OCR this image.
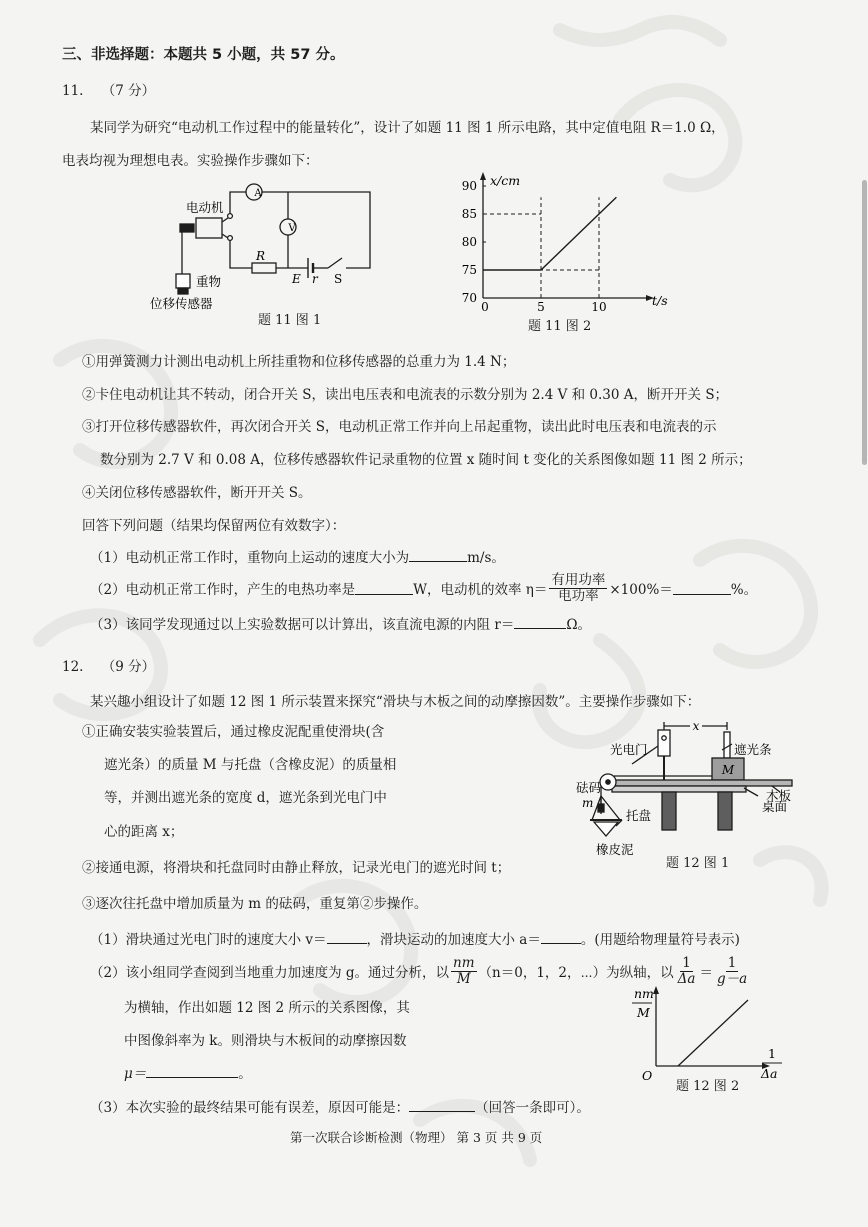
三、非选择题：本题共 5 小题，共 57 分。
11. （7 分）
某同学为研究“电动机工作过程中的能量转化”，设计了如题 11 图 1 所示电路，其中定值电阻 R＝1.0 Ω，
电表均视为理想电表。实验操作步骤如下：
A
V
电动机
R
E r S
重物
位移传感器
题 11 图 1
0	5	10
70
75
80
85
90 x/cm
t/s
题 11 图 2
①用弹簧测力计测出电动机上所挂重物和位移传感器的总重力为 1.4 N；
②卡住电动机让其不转动，闭合开关 S，读出电压表和电流表的示数分别为 2.4 V 和 0.30 A，断开开关 S；
③打开位移传感器软件，再次闭合开关 S，电动机正常工作并向上吊起重物，读出此时电压表和电流表的示
数分别为 2.7 V 和 0.08 A，位移传感器软件记录重物的位置 x 随时间 t 变化的关系图像如题 11 图 2 所示；
④关闭位移传感器软件，断开开关 S。
回答下列问题（结果均保留两位有效数字）：
（1）电动机正常工作时，重物向上运动的速度大小为	m/s。
（2）电动机正常工作时，产生的电热功率是	W，电动机的效率 $\eta= \frac{\text{有用功率}}{\text{电功率}} \times 100\%=$	%。
（3）该同学发现通过以上实验数据可以计算出，该直流电源的内阻 r＝	Ω。
12. （9 分）
某兴趣小组设计了如题 12 图 1 所示装置来探究“滑块与木板之间的动摩擦因数”。主要操作步骤如下：
①正确安装实验装置后，通过橡皮泥配重使滑块(含
遮光条）的质量 M 与托盘（含橡皮泥）的质量相
等，并测出遮光条的宽度 d，遮光条到光电门中
心的距离 x；
②接通电源，将滑块和托盘同时由静止释放，记录光电门的遮光时间 t；
③逐次往托盘中增加质量为 m 的砝码，重复第②步操作。
x
光电门	遮光条
M
砝码
m
托盘
桌面
木板
橡皮泥
题 12 图 1
（1）滑块通过光电门时的速度大小 v＝	，滑块运动的加速度大小 a＝	。(用题给物理量符号表示)
（2）该小组同学查阅到当地重力加速度为 g。通过分析，以 $\frac{nm}{M} (n=0$，1，2，⋯）为纵轴，以 $\frac{1}{\Delta a} = \frac{1}{g-a}$
为横轴，作出如题 12 图 2 所示的关系图像，其
中图像斜率为 k。则滑块与木板间的动摩擦因数
μ＝	。
nm
M
1
Δa
O
题 12 图 2
（3）本次实验的最终结果可能有误差，原因可能是：	（回答一条即可）。
第一次联合诊断检测（物理） 第 3 页 共 9 页
